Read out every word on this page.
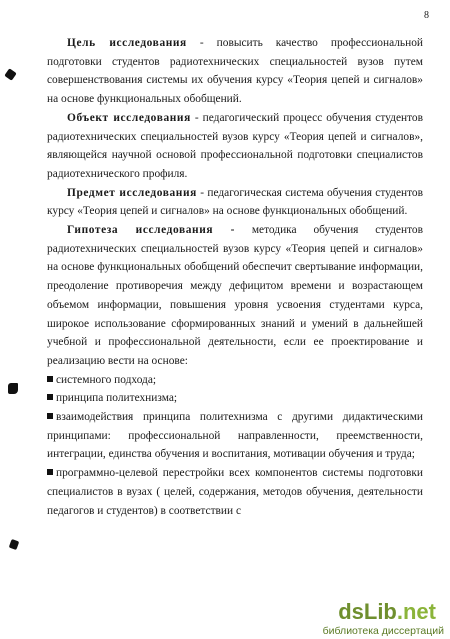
8

Цель исследования - повысить качество профессиональной подготовки студентов радиотехнических специальностей вузов путем совершенствования системы их обучения курсу «Теория цепей и сигналов» на основе функциональных обобщений.

Объект исследования - педагогический процесс обучения студентов радиотехнических специальностей вузов курсу «Теория цепей и сигналов», являющейся научной основой профессиональной подготовки специалистов радиотехнического профиля.

Предмет исследования - педагогическая система обучения студентов курсу «Теория цепей и сигналов» на основе функциональных обобщений.

Гипотеза исследования - методика обучения студентов радиотехнических специальностей вузов курсу «Теория цепей и сигналов» на основе функциональных обобщений обеспечит свертывание информации, преодоление противоречия между дефицитом времени и возрастающем объемом информации, повышения уровня усвоения студентами курса, широкое использование сформированных знаний и умений в дальнейшей учебной и профессиональной деятельности, если ее проектирование и реализацию вести на основе:

системного подхода;

принципа политехнизма;

взаимодействия принципа политехнизма с другими дидактическими принципами: профессиональной направленности, преемственности, интеграции, единства обучения и воспитания, мотивации обучения и труда;

программно-целевой перестройки всех компонентов системы подготовки специалистов в вузах ( целей, содержания, методов обучения, деятельности педагогов и студентов) в соответствии с

dsLib.net
библиотека диссертаций
